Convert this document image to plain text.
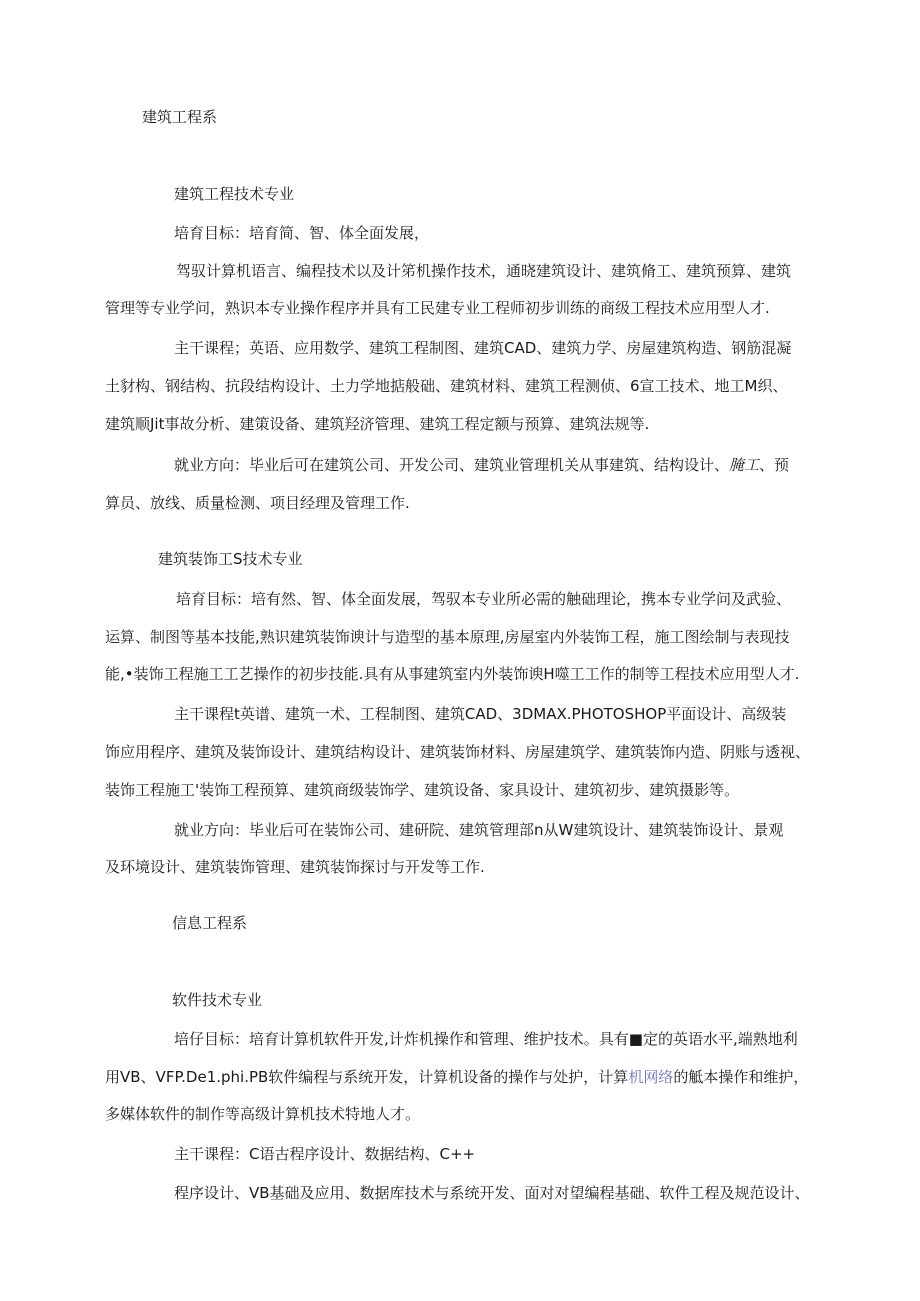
建筑工程系

建筑工程技术专业

培育目标：培育简、智、体全面发展，

驾驭计算机语言、编程技术以及计笫机操作技术，通晓建筑设计、建筑脩工、建筑预算、建筑

管理等专业学问，熟识本专业操作程序并具有工民建专业工程师初步训练的商级工程技术应用型人才.

主干课程；英语、应用数学、建筑工程制图、建筑CAD、建筑力学、房屋建筑构造、钢筋混凝

土豺构、钢结构、抗段结构设计、土力学地掂般础、建筑材料、建筑工程测侦、6宣工技术、地工M织、

建筑顺Jit事故分析、建策设备、建筑羟济管理、建筑工程定额与预算、建筑法规等.

就业方向：毕业后可在建筑公司、开发公司、建筑业管理机关从事建筑、结构设计、腌工、预

算员、放线、质量检测、项目经理及管理工作.

建筑装饰工S技术专业

培育目标：培有然、智、体全面发展，驾驭本专业所必需的触础理论，携本专业学问及武验、

运算、制图等基本技能,熟识建筑装饰谀计与造型的基本原理,房屋室内外装饰工程，施工图绘制与表现技

能,•装饰工程施工工艺操作的初步技能.具有从事建筑室内外装饰谀H噬工工作的制等工程技术应用型人才.

主干课程t英谱、建筑一术、工程制图、建筑CAD、3DMAX.PHOTOSHOP平面设计、高级装

饰应用程序、建筑及装饰设计、建筑结构设计、建筑装饰材料、房屋建筑学、建筑装饰内造、阴账与透视、

装饰工程施工'装饰工程预算、建筑商级装饰学、建筑设备、家具设计、建筑初步、建筑摄影等。

就业方向：毕业后可在装饰公司、建研院、建筑管理部n从W建筑设计、建筑装饰设计、景观

及环境设计、建筑装饰管理、建筑装饰探讨与开发等工作.

信息工程系

软件技术专业

培仔目标：培育计算机软件开发,计炸机操作和管理、维护技术。具有■定的英语水平,端熟地利

用VB、VFP.De1.phi.PB软件编程与系统开发，计算机设备的操作与处护，计算机网络的觝本操作和维护，

多媒体软件的制作等高级计算机技术特地人才。

主干课程：C语古程序设计、数据结构、C++

程序设计、VB基础及应用、数据库技术与系统开发、面对对望编程基础、软件工程及规范设计、
